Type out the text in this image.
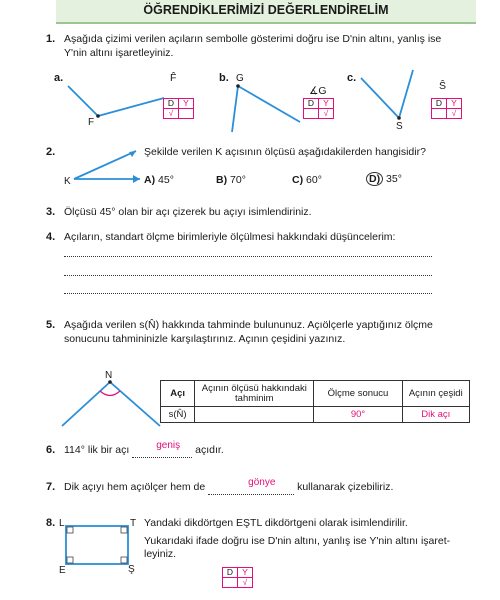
ÖĞRENDİKLERİMİZİ DEĞERLENDİRELİM
1. Aşağıda çizimi verilen açıların sembolle gösterimi doğru ise D'nin altını, yanlış ise
Y'nin altını işaretleyiniz.
a.
F
F̂
D	Y
√	
b. G
∡G
D	Y
	√
c.
S
Ŝ
D	Y
	√
2.	Şekilde verilen K açısının ölçüsü aşağıdakilerden hangisidir?
K	A) 45°	B) 70°	C) 60°	D) 35°
3. Ölçüsü 45° olan bir açı çizerek bu açıyı isimlendiriniz.
4. Açıların, standart ölçme birimleriyle ölçülmesi hakkındaki düşüncelerim:
5. Aşağıda verilen s(N̂) hakkında tahminde bulununuz. Açıölçerle yaptığınız ölçme
sonucunu tahmininizle karşılaştırınız. Açının çeşidini yazınız.
N
Açı	Açının ölçüsü hakkındaki tahminim	Ölçme sonucu	Açının çeşidi
s(N̂)		90°	Dik açı
6. 114° lik bir açı	geniş açıdır.
7. Dik açıyı hem açıölçer hem de	gönye kullanarak çizebiliriz.
8. L	T
E	Ş
Yandaki dikdörtgen EŞTL dikdörtgeni olarak isimlendirilir.
Yukarıdaki ifade doğru ise D'nin altını, yanlış ise Y'nin altını işaret-
leyiniz.
D	Y
	√
